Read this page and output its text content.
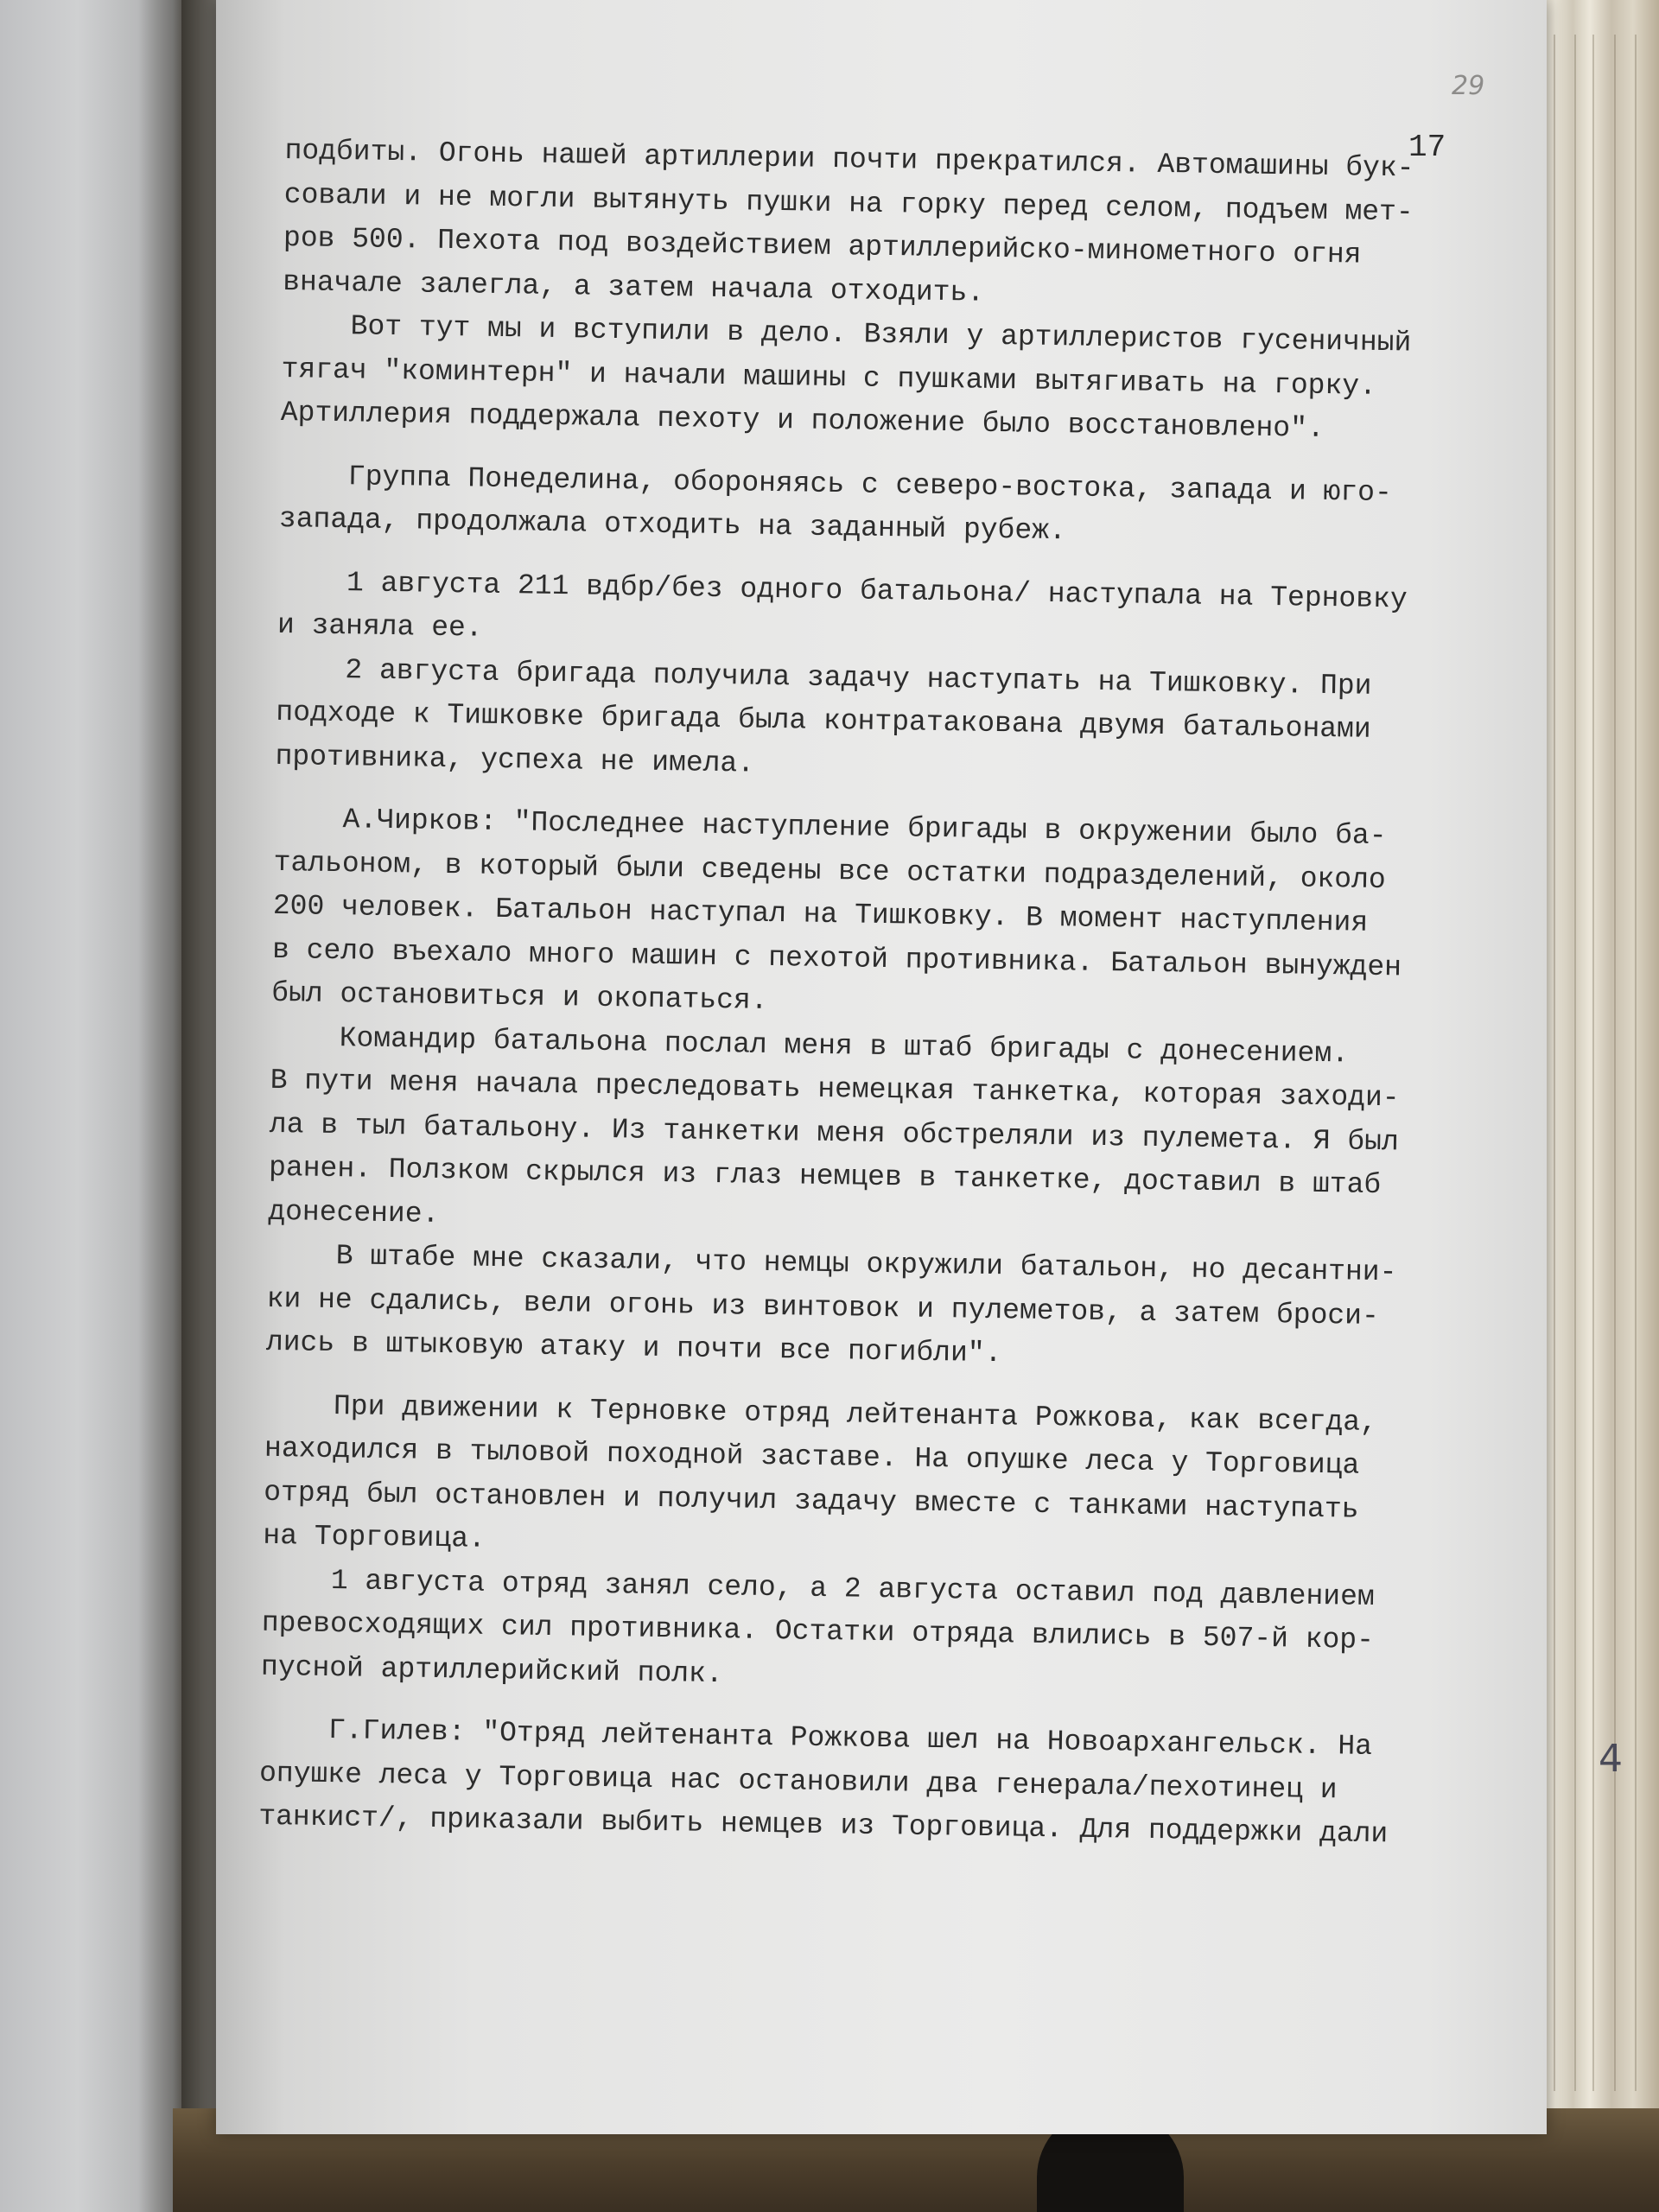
29
17
4
подбиты. Огонь нашей артиллерии почти прекратился. Автомашины бук-
совали и не могли вытянуть пушки на горку перед селом, подъем мет-
ров 500. Пехота под воздействием артиллерийско-минометного огня
вначале залегла, а затем начала отходить.
Вот тут мы и вступили в дело. Взяли у артиллеристов гусеничный
тягач "коминтерн" и начали машины с пушками вытягивать на горку.
Артиллерия поддержала пехоту и положение было восстановлено".
Группа Понеделина, обороняясь с северо-востока, запада и юго-
запада, продолжала отходить на заданный рубеж.
1 августа 211 вдбр/без одного батальона/ наступала на Терновку
и заняла ее.
2 августа бригада получила задачу наступать на Тишковку. При
подходе к Тишковке бригада была контратакована двумя батальонами
противника, успеха не имела.
А.Чирков: "Последнее наступление бригады в окружении было ба-
тальоном, в который были сведены все остатки подразделений, около
200 человек. Батальон наступал на Тишковку. В момент наступления
в село въехало много машин с пехотой противника. Батальон вынужден
был остановиться и окопаться.
Командир батальона послал меня в штаб бригады с донесением.
В пути меня начала преследовать немецкая танкетка, которая заходи-
ла в тыл батальону. Из танкетки меня обстреляли из пулемета. Я был
ранен. Ползком скрылся из глаз немцев в танкетке, доставил в штаб
донесение.
В штабе мне сказали, что немцы окружили батальон, но десантни-
ки не сдались, вели огонь из винтовок и пулеметов, а затем броси-
лись в штыковую атаку и почти все погибли".
При движении к Терновке отряд лейтенанта Рожкова, как всегда,
находился в тыловой походной заставе. На опушке леса у Торговица
отряд был остановлен и получил задачу вместе с танками наступать
на Торговица.
1 августа отряд занял село, а 2 августа оставил под давлением
превосходящих сил противника. Остатки отряда влились в 507-й кор-
пусной артиллерийский полк.
Г.Гилев: "Отряд лейтенанта Рожкова шел на Новоархангельск. На
опушке леса у Торговица нас остановили два генерала/пехотинец и
танкист/, приказали выбить немцев из Торговица. Для поддержки дали
